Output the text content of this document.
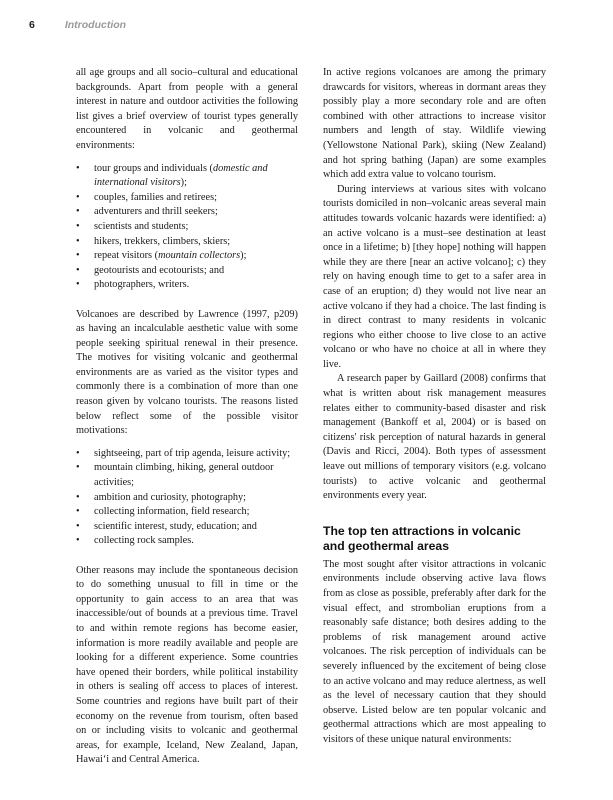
6	Introduction

all age groups and all socio–cultural and educational backgrounds. Apart from people with a general interest in nature and outdoor activities the following list gives a brief overview of tourist types generally encountered in volcanic and geothermal environments:

• tour groups and individuals (domestic and international visitors);
• couples, families and retirees;
• adventurers and thrill seekers;
• scientists and students;
• hikers, trekkers, climbers, skiers;
• repeat visitors (mountain collectors);
• geotourists and ecotourists; and
• photographers, writers.

Volcanoes are described by Lawrence (1997, p209) as having an incalculable aesthetic value with some people seeking spiritual renewal in their presence. The motives for visiting volcanic and geothermal environments are as varied as the visitor types and commonly there is a combination of more than one reason given by volcano tourists. The reasons listed below reflect some of the possible visitor motivations:

• sightseeing, part of trip agenda, leisure activity;
• mountain climbing, hiking, general outdoor activities;
• ambition and curiosity, photography;
• collecting information, field research;
• scientific interest, study, education; and
• collecting rock samples.

Other reasons may include the spontaneous decision to do something unusual to fill in time or the opportunity to gain access to an area that was inaccessible/out of bounds at a previous time. Travel to and within remote regions has become easier, information is more readily available and people are looking for a different experience. Some countries have opened their borders, while political instability in others is sealing off access to places of interest. Some countries and regions have built part of their economy on the revenue from tourism, often based on or including visits to volcanic and geothermal areas, for example, Iceland, New Zealand, Japan, Hawai‘i and Central America.

In active regions volcanoes are among the primary drawcards for visitors, whereas in dormant areas they possibly play a more secondary role and are often combined with other attractions to increase visitor numbers and length of stay. Wildlife viewing (Yellowstone National Park), skiing (New Zealand) and hot spring bathing (Japan) are some examples which add extra value to volcano tourism.

During interviews at various sites with volcano tourists domiciled in non–volcanic areas several main attitudes towards volcanic hazards were identified: a) an active volcano is a must–see destination at least once in a lifetime; b) [they hope] nothing will happen while they are there [near an active volcano]; c) they rely on having enough time to get to a safer area in case of an eruption; d) they would not live near an active volcano if they had a choice. The last finding is in direct contrast to many residents in volcanic regions who either choose to live close to an active volcano or who have no choice at all in where they live.

A research paper by Gaillard (2008) confirms that what is written about risk management measures relates either to community-based disaster and risk management (Bankoff et al, 2004) or is based on citizens' risk perception of natural hazards in general (Davis and Ricci, 2004). Both types of assessment leave out millions of temporary visitors (e.g. volcano tourists) to active volcanic and geothermal environments every year.

The top ten attractions in volcanic
and geothermal areas

The most sought after visitor attractions in volcanic environments include observing active lava flows from as close as possible, preferably after dark for the visual effect, and strombolian eruptions from a reasonably safe distance; both desires adding to the problems of risk management around active volcanoes. The risk perception of individuals can be severely influenced by the excitement of being close to an active volcano and may reduce alertness, as well as the level of necessary caution that they should observe. Listed below are ten popular volcanic and geothermal attractions which are most appealing to visitors of these unique natural environments:
